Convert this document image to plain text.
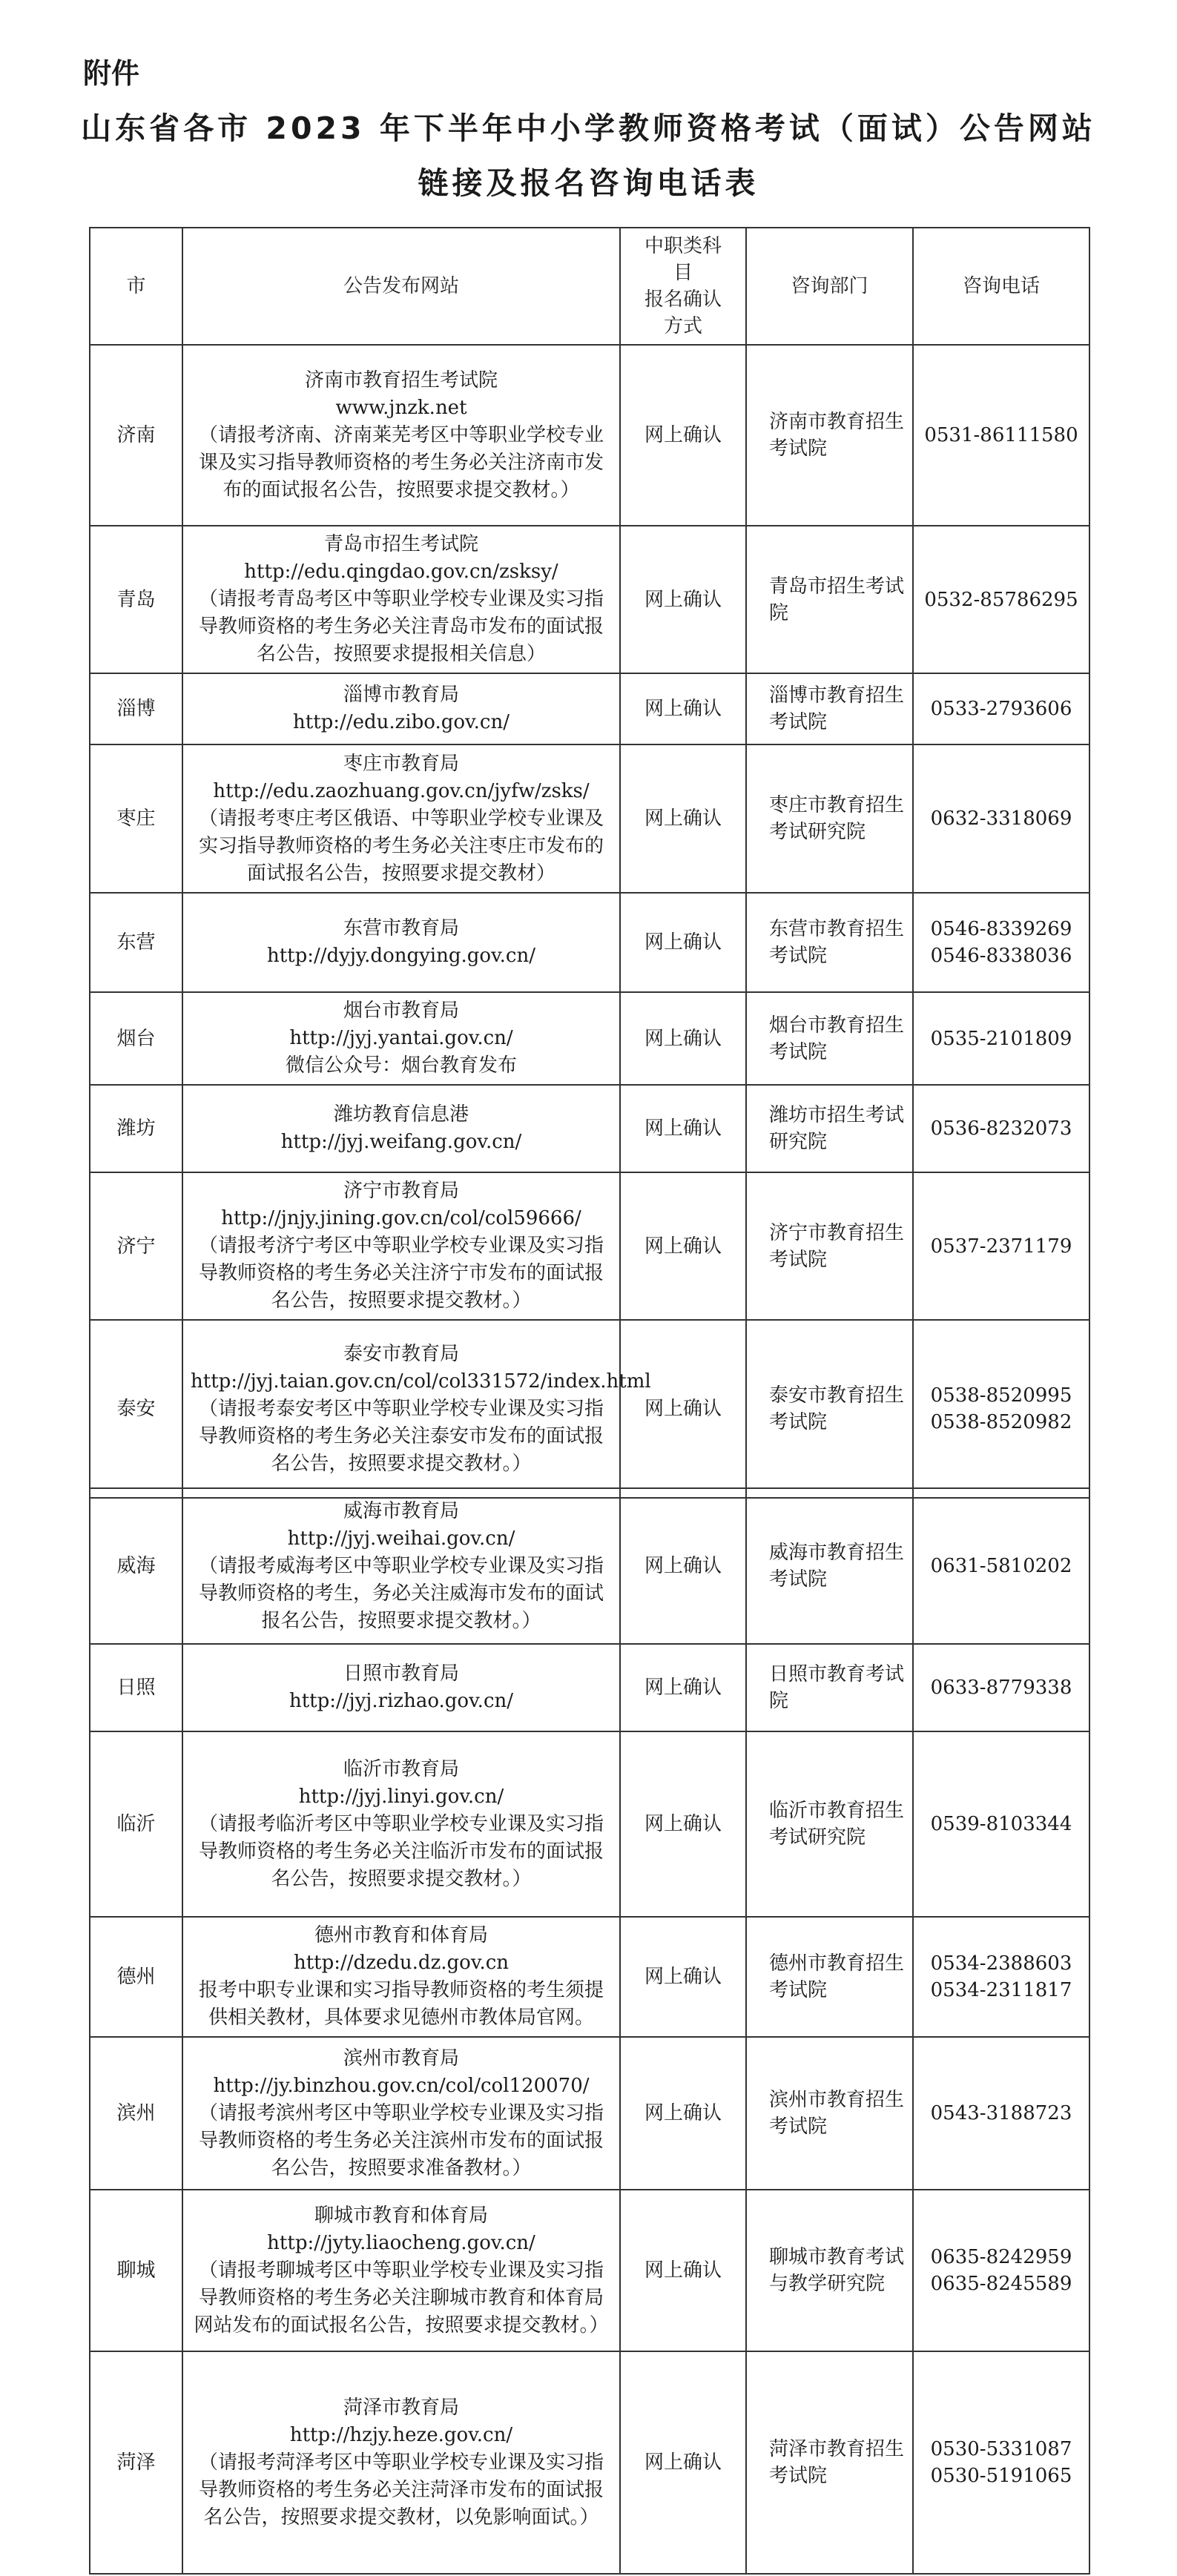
附件
山东省各市 2023 年下半年中小学教师资格考试（面试）公告网站
链接及报名咨询电话表
市	公告发布网站	中职类科
目
报名确认
方式	咨询部门	咨询电话
济南	济南市教育招生考试院
www.jnzk.net
（请报考济南、济南莱芜考区中等职业学校专业课及实习指导教师资格的考生务必关注济南市发布的面试报名公告，按照要求提交教材。）	网上确认	济南市教育招生考试院	0531-86111580

青岛	青岛市招生考试院
http://edu.qingdao.gov.cn/zsksy/
（请报考青岛考区中等职业学校专业课及实习指导教师资格的考生务必关注青岛市发布的面试报名公告，按照要求提报相关信息）	网上确认	青岛市招生考试院	0532-85786295

淄博	淄博市教育局
http://edu.zibo.gov.cn/	网上确认	淄博市教育招生考试院	0533-2793606

枣庄	枣庄市教育局
http://edu.zaozhuang.gov.cn/jyfw/zsks/
（请报考枣庄考区俄语、中等职业学校专业课及实习指导教师资格的考生务必关注枣庄市发布的面试报名公告，按照要求提交教材）	网上确认	枣庄市教育招生考试研究院	0632-3318069

东营	东营市教育局
http://dyjy.dongying.gov.cn/	网上确认	东营市教育招生考试院	0546-8339269
0546-8338036

烟台	烟台市教育局
http://jyj.yantai.gov.cn/
微信公众号：烟台教育发布	网上确认	烟台市教育招生考试院	0535-2101809

潍坊	潍坊教育信息港
http://jyj.weifang.gov.cn/	网上确认	潍坊市招生考试研究院	0536-8232073

济宁	济宁市教育局
http://jnjy.jining.gov.cn/col/col59666/
（请报考济宁考区中等职业学校专业课及实习指导教师资格的考生务必关注济宁市发布的面试报名公告，按照要求提交教材。）	网上确认	济宁市教育招生考试院	0537-2371179

泰安	泰安市教育局
http://jyj.taian.gov.cn/col/col331572/index.html
（请报考泰安考区中等职业学校专业课及实习指导教师资格的考生务必关注泰安市发布的面试报名公告，按照要求提交教材。）	网上确认	泰安市教育招生考试院	0538-8520995
0538-8520982
威海	威海市教育局
http://jyj.weihai.gov.cn/
（请报考威海考区中等职业学校专业课及实习指导教师资格的考生，务必关注威海市发布的面试报名公告，按照要求提交教材。）	网上确认	威海市教育招生考试院	0631-5810202

日照	日照市教育局
http://jyj.rizhao.gov.cn/	网上确认	日照市教育考试院	0633-8779338

临沂	临沂市教育局
http://jyj.linyi.gov.cn/
（请报考临沂考区中等职业学校专业课及实习指导教师资格的考生务必关注临沂市发布的面试报名公告，按照要求提交教材。）	网上确认	临沂市教育招生考试研究院	0539-8103344

德州	德州市教育和体育局
http://dzedu.dz.gov.cn
报考中职专业课和实习指导教师资格的考生须提供相关教材，具体要求见德州市教体局官网。	网上确认	德州市教育招生考试院	0534-2388603
0534-2311817

滨州	滨州市教育局
http://jy.binzhou.gov.cn/col/col120070/
（请报考滨州考区中等职业学校专业课及实习指导教师资格的考生务必关注滨州市发布的面试报名公告，按照要求准备教材。）	网上确认	滨州市教育招生考试院	0543-3188723

聊城	聊城市教育和体育局
http://jyty.liaocheng.gov.cn/
（请报考聊城考区中等职业学校专业课及实习指导教师资格的考生务必关注聊城市教育和体育局网站发布的面试报名公告，按照要求提交教材。）	网上确认	聊城市教育考试与教学研究院	0635-8242959
0635-8245589

菏泽	菏泽市教育局
http://hzjy.heze.gov.cn/
（请报考菏泽考区中等职业学校专业课及实习指导教师资格的考生务必关注菏泽市发布的面试报名公告，按照要求提交教材，以免影响面试。）	网上确认	菏泽市教育招生考试院	0530-5331087
0530-5191065
